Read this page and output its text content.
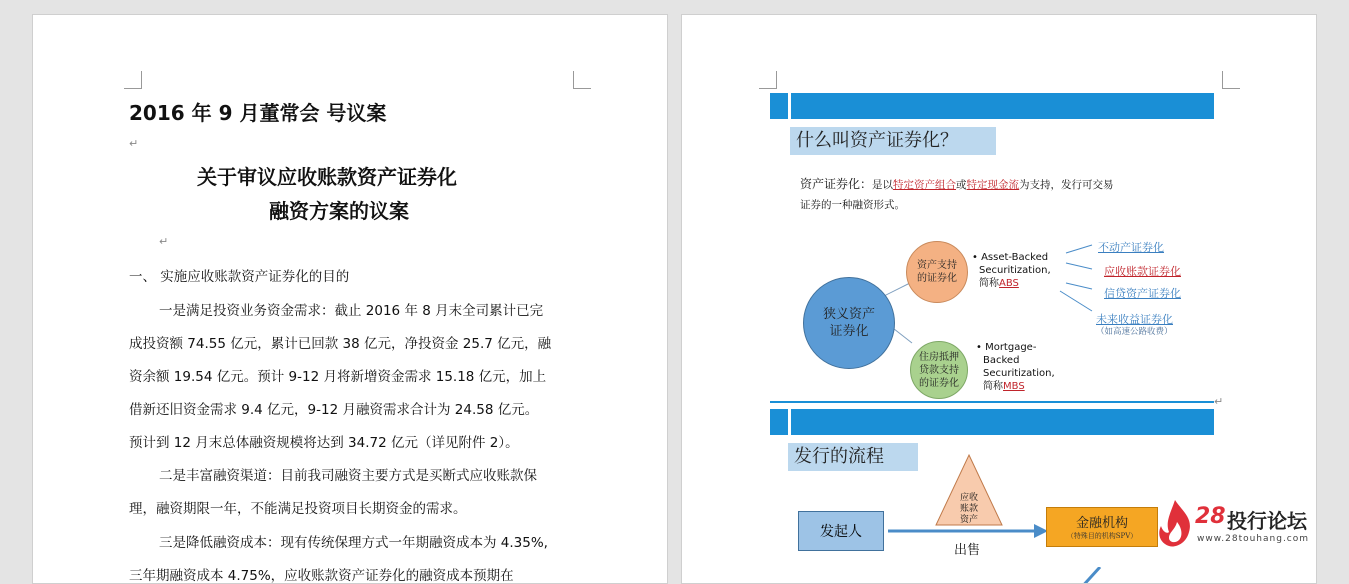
2016 年 9 月董常会 号议案
↵
关于审议应收账款资产证券化
融资方案的议案
↵
一、 实施应收账款资产证券化的目的
一是满足投资业务资金需求：截止 2016 年 8 月末全司累计已完
成投资额 74.55 亿元，累计已回款 38 亿元，净投资金 25.7 亿元，融
资余额 19.54 亿元。预计 9-12 月将新增资金需求 15.18 亿元，加上
借新还旧资金需求 9.4 亿元，9-12 月融资需求合计为 24.58 亿元。
预计到 12 月末总体融资规模将达到 34.72 亿元（详见附件 2）。
二是丰富融资渠道：目前我司融资主要方式是买断式应收账款保
理，融资期限一年，不能满足投资项目长期资金的需求。
三是降低融资成本：现有传统保理方式一年期融资成本为 4.35%,
三年期融资成本 4.75%，应收账款资产证券化的融资成本预期在
什么叫资产证券化？
资产证券化：是以特定资产组合或特定现金流为支持，发行可交易
证券的一种融资形式。
狭义资产证券化
资产支持的证券化
住房抵押贷款支持的证券化
• Asset-Backed
Securitization,
简称ABS
• Mortgage-
Backed
Securitization,
简称MBS
不动产证券化
应收账款证券化
信贷资产证券化
未来收益证券化
（如高速公路收费）
↵
发行的流程
应收账款资产
发起人
出售
金融机构
（特殊目的机构SPV）
28 投行论坛
www.28touhang.com
